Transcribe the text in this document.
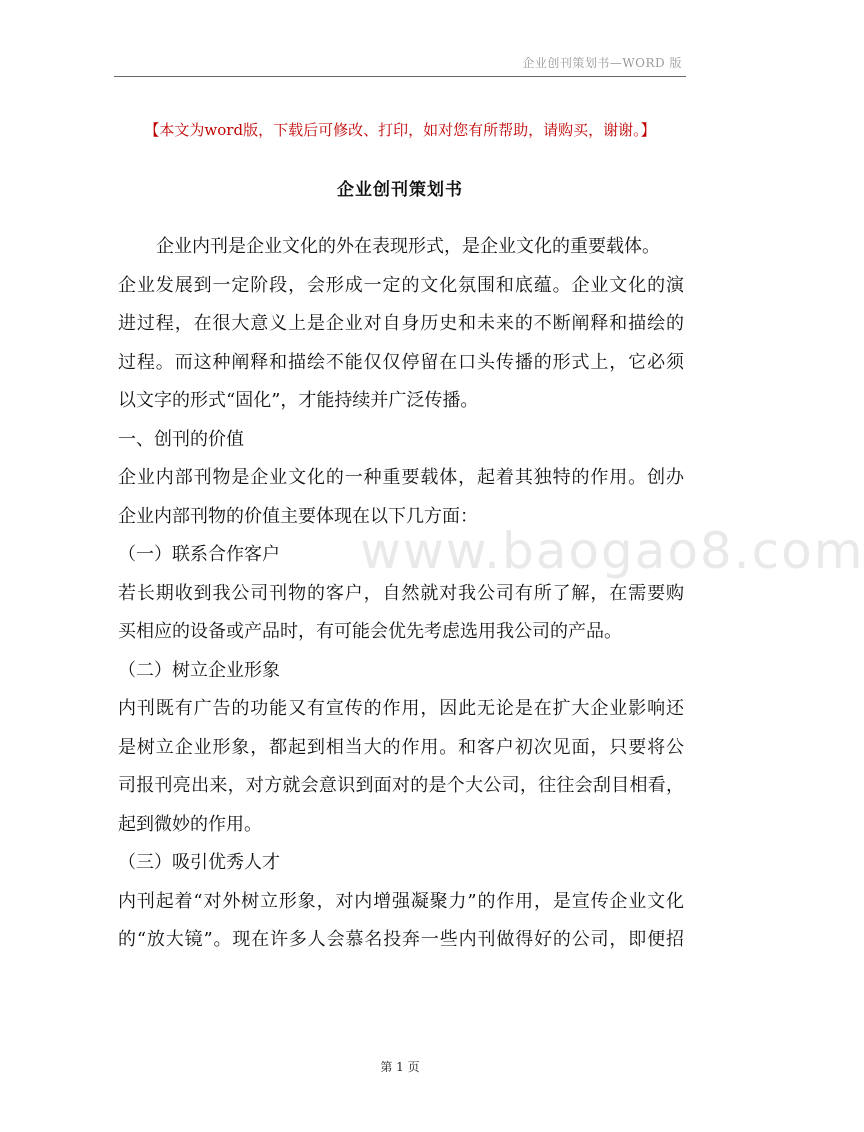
企业创刊策划书—WORD 版
【本文为word版，下载后可修改、打印，如对您有所帮助，请购买，谢谢。】
企业创刊策划书
www.baogao8.com
企业内刊是企业文化的外在表现形式，是企业文化的重要载体。
企业发展到一定阶段，会形成一定的文化氛围和底蕴。企业文化的演
进过程，在很大意义上是企业对自身历史和未来的不断阐释和描绘的
过程。而这种阐释和描绘不能仅仅停留在口头传播的形式上，它必须
以文字的形式“固化”，才能持续并广泛传播。
一、创刊的价值
企业内部刊物是企业文化的一种重要载体，起着其独特的作用。创办
企业内部刊物的价值主要体现在以下几方面：
（一）联系合作客户
若长期收到我公司刊物的客户，自然就对我公司有所了解，在需要购
买相应的设备或产品时，有可能会优先考虑选用我公司的产品。
（二）树立企业形象
内刊既有广告的功能又有宣传的作用，因此无论是在扩大企业影响还
是树立企业形象，都起到相当大的作用。和客户初次见面，只要将公
司报刊亮出来，对方就会意识到面对的是个大公司，往往会刮目相看，
起到微妙的作用。
（三）吸引优秀人才
内刊起着“对外树立形象，对内增强凝聚力”的作用，是宣传企业文化
的“放大镜”。现在许多人会慕名投奔一些内刊做得好的公司，即便招
第 1 页
